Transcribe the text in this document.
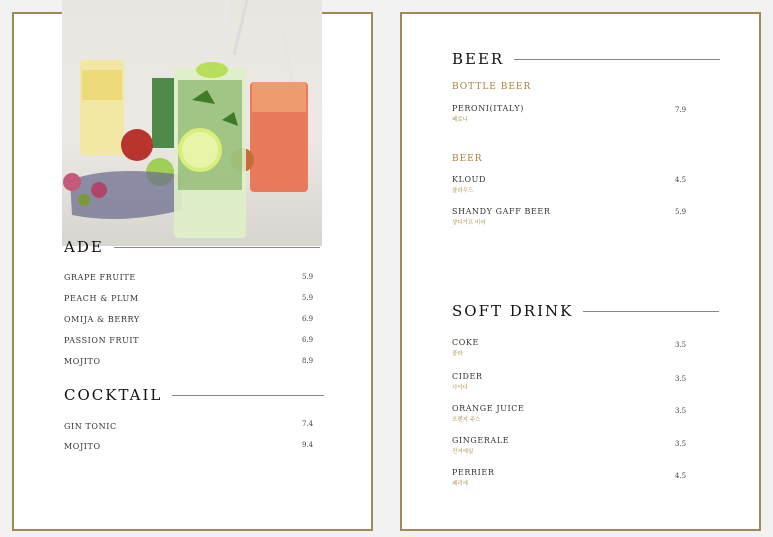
ADE
GRAPE FRUITE	5.9
PEACH & PLUM	5.9
OMIJA & BERRY	6.9
PASSION FRUIT	6.9
MOJITO	8.9
COCKTAIL
GIN TONIC	7.4
MOJITO	9.4
BEER
BOTTLE BEER
PERONI(ITALY)
페로니
7.9
BEER
KLOUD
클라우드
4.5
SHANDY GAFF BEER
샹디가프 비어
5.9
SOFT DRINK
COKE
콜라
3.5
CIDER
사이다
3.5
ORANGE JUICE
오렌지 주스
3.5
GINGERALE
진저에일
3.5
PERRIER
페리에
4.5
